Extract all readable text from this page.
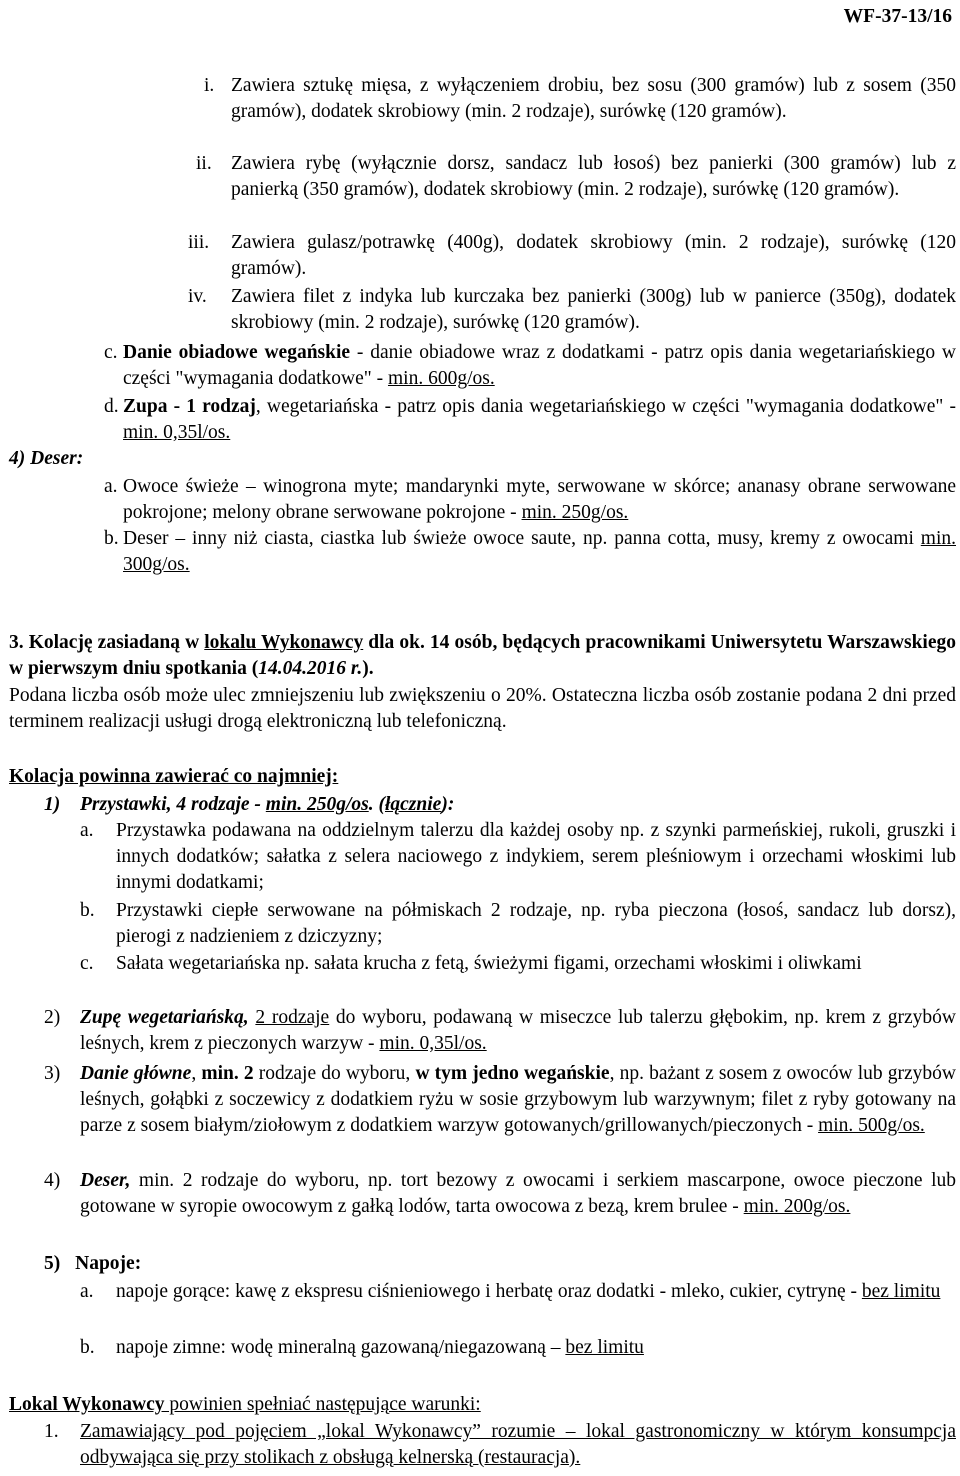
WF-37-13/16
i. Zawiera sztukę mięsa, z wyłączeniem drobiu, bez sosu (300 gramów) lub z sosem (350 gramów), dodatek skrobiowy (min. 2 rodzaje), surówkę (120 gramów).
ii. Zawiera rybę (wyłącznie dorsz, sandacz lub łosoś) bez panierki (300 gramów) lub z panierką (350 gramów), dodatek skrobiowy (min. 2 rodzaje), surówkę (120 gramów).
iii. Zawiera gulasz/potrawkę (400g), dodatek skrobiowy (min. 2 rodzaje), surówkę (120 gramów).
iv. Zawiera filet z indyka lub kurczaka bez panierki (300g) lub w panierce (350g), dodatek skrobiowy (min. 2 rodzaje), surówkę (120 gramów).
c. Danie obiadowe wegańskie - danie obiadowe wraz z dodatkami - patrz opis dania wegetariańskiego w części "wymagania dodatkowe" - min. 600g/os.
d. Zupa - 1 rodzaj, wegetariańska - patrz opis dania wegetariańskiego w części "wymagania dodatkowe" - min. 0,35l/os.
4) Deser:
a. Owoce świeże – winogrona myte; mandarynki myte, serwowane w skórce; ananasy obrane serwowane pokrojone; melony obrane serwowane pokrojone - min. 250g/os.
b. Deser – inny niż ciasta, ciastka lub świeże owoce saute, np. panna cotta, musy, kremy z owocami min. 300g/os.
3. Kolację zasiadaną w lokalu Wykonawcy dla ok. 14 osób, będących pracownikami Uniwersytetu Warszawskiego w pierwszym dniu spotkania (14.04.2016 r.).
Podana liczba osób może ulec zmniejszeniu lub zwiększeniu o 20%. Ostateczna liczba osób zostanie podana 2 dni przed terminem realizacji usługi drogą elektroniczną lub telefoniczną.
Kolacja powinna zawierać co najmniej:
1) Przystawki, 4 rodzaje - min. 250g/os. (łącznie):
a. Przystawka podawana na oddzielnym talerzu dla każdej osoby np. z szynki parmeńskiej, rukoli, gruszki i innych dodatków; sałatka z selera naciowego z indykiem, serem pleśniowym i orzechami włoskimi lub innymi dodatkami;
b. Przystawki ciepłe serwowane na półmiskach 2 rodzaje, np. ryba pieczona (łosoś, sandacz lub dorsz), pierogi z nadzieniem z dziczyzny;
c. Sałata wegetariańska np. sałata krucha z fetą, świeżymi figami, orzechami włoskimi i oliwkami
2) Zupę wegetariańską, 2 rodzaje do wyboru, podawaną w miseczce lub talerzu głębokim, np. krem z grzybów leśnych, krem z pieczonych warzyw - min. 0,35l/os.
3) Danie główne, min. 2 rodzaje do wyboru, w tym jedno wegańskie, np. bażant z sosem z owoców lub grzybów leśnych, gołąbki z soczewicy z dodatkiem ryżu w sosie grzybowym lub warzywnym; filet z ryby gotowany na parze z sosem białym/ziołowym z dodatkiem warzyw gotowanych/grillowanych/pieczonych - min. 500g/os.
4) Deser, min. 2 rodzaje do wyboru, np. tort bezowy z owocami i serkiem mascarpone, owoce pieczone lub gotowane w syropie owocowym z gałką lodów, tarta owocowa z bezą, krem brulee - min. 200g/os.
5) Napoje:
a. napoje gorące: kawę z ekspresu ciśnieniowego i herbatę oraz dodatki - mleko, cukier, cytrynę - bez limitu
b. napoje zimne: wodę mineralną gazowaną/niegazowaną – bez limitu
Lokal Wykonawcy powinien spełniać następujące warunki:
1. Zamawiający pod pojęciem „lokal Wykonawcy” rozumie – lokal gastronomiczny w którym konsumpcja odbywająca się przy stolikach z obsługą kelnerską (restauracja).
